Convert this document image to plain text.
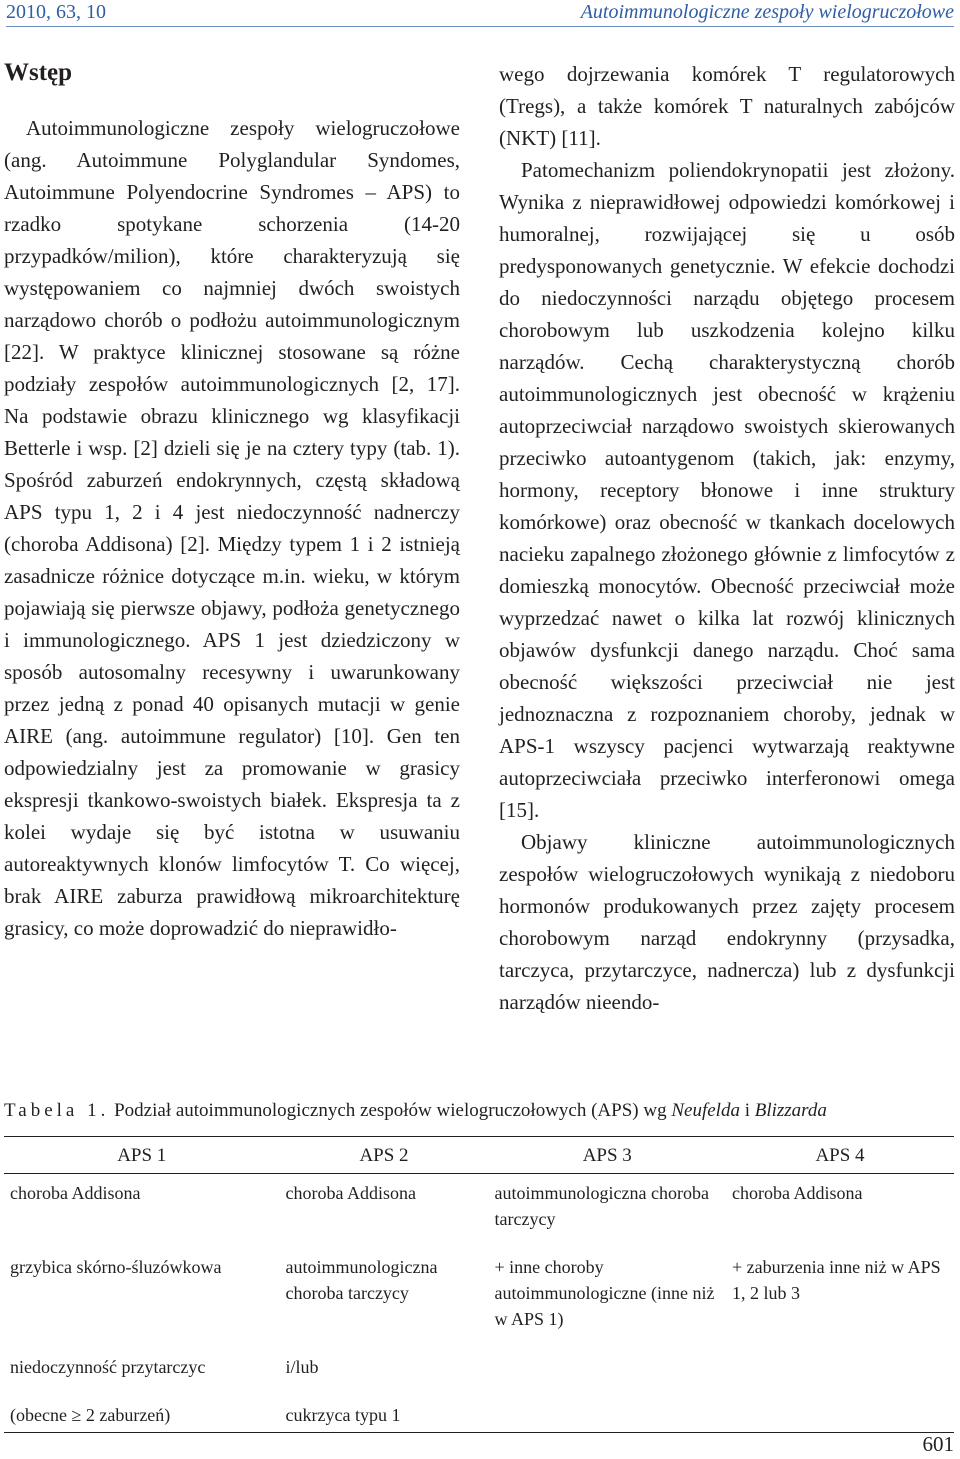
2010, 63, 10	Autoimmunologiczne zespoły wielogruczołowe
Wstęp

Autoimmunologiczne zespoły wielogruczołowe (ang. Autoimmune Polyglandular Syndomes, Autoimmune Polyendocrine Syndromes – APS) to rzadko spotykane schorzenia (14-20 przypadków/milion), które charakteryzują się występowaniem co najmniej dwóch swoistych narządowo chorób o podłożu autoimmunologicznym [22]. W praktyce klinicznej stosowane są różne podziały zespołów autoimmunologicznych [2, 17]. Na podstawie obrazu klinicznego wg klasyfikacji Betterle i wsp. [2] dzieli się je na cztery typy (tab. 1). Spośród zaburzeń endokrynnych, częstą składową APS typu 1, 2 i 4 jest niedoczynność nadnerczy (choroba Addisona) [2]. Między typem 1 i 2 istnieją zasadnicze różnice dotyczące m.in. wieku, w którym pojawiają się pierwsze objawy, podłoża genetycznego i immunologicznego. APS 1 jest dziedziczony w sposób autosomalny recesywny i uwarunkowany przez jedną z ponad 40 opisanych mutacji w genie AIRE (ang. autoimmune regulator) [10]. Gen ten odpowiedzialny jest za promowanie w grasicy ekspresji tkankowo-swoistych białek. Ekspresja ta z kolei wydaje się być istotna w usuwaniu autoreaktywnych klonów limfocytów T. Co więcej, brak AIRE zaburza prawidłową mikroarchitekturę grasicy, co może doprowadzić do nieprawidło-

wego dojrzewania komórek T regulatorowych (Tregs), a także komórek T naturalnych zabójców (NKT) [11].

Patomechanizm poliendokrynopatii jest złożony. Wynika z nieprawidłowej odpowiedzi komórkowej i humoralnej, rozwijającej się u osób predysponowanych genetycznie. W efekcie dochodzi do niedoczynności narządu objętego procesem chorobowym lub uszkodzenia kolejno kilku narządów. Cechą charakterystyczną chorób autoimmunologicznych jest obecność w krążeniu autoprzeciwciał narządowo swoistych skierowanych przeciwko autoantygenom (takich, jak: enzymy, hormony, receptory błonowe i inne struktury komórkowe) oraz obecność w tkankach docelowych nacieku zapalnego złożonego głównie z limfocytów z domieszką monocytów. Obecność przeciwciał może wyprzedzać nawet o kilka lat rozwój klinicznych objawów dysfunkcji danego narządu. Choć sama obecność większości przeciwciał nie jest jednoznaczna z rozpoznaniem choroby, jednak w APS-1 wszyscy pacjenci wytwarzają reaktywne autoprzeciwciała przeciwko interferonowi omega [15].

Objawy kliniczne autoimmunologicznych zespołów wielogruczołowych wynikają z niedoboru hormonów produkowanych przez zajęty procesem chorobowym narząd endokrynny (przysadka, tarczyca, przytarczyce, nadnercza) lub z dysfunkcji narządów nieendo-

Tabela 1. Podział autoimmunologicznych zespołów wielogruczołowych (APS) wg Neufelda i Blizzarda
APS 1	APS 2	APS 3	APS 4
choroba Addisona	choroba Addisona	autoimmunologiczna choroba tarczycy	choroba Addisona
grzybica skórno-śluzówkowa	autoimmunologiczna choroba tarczycy	+ inne choroby autoimmunologiczne (inne niż w APS 1)	+ zaburzenia inne niż w APS 1, 2 lub 3
niedoczynność przytarczyc	i/lub		
(obecne ≥ 2 zaburzeń)	cukrzyca typu 1		
601
